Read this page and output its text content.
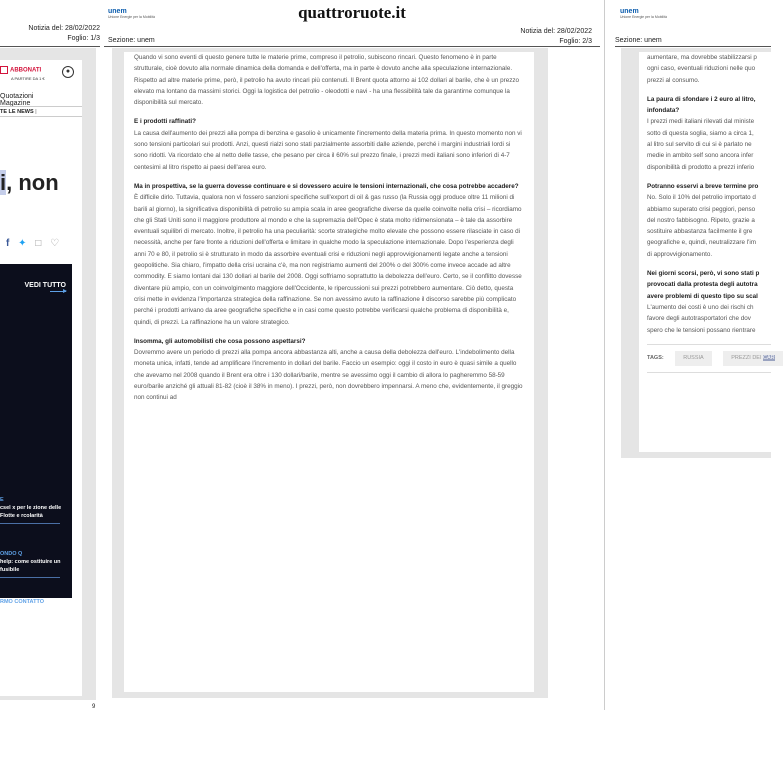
Notizia del: 28/02/2022
Foglio: 1/3
ABBONATI
A PARTIRE DA 1 €
●
Quotazioni Magazine
TE LE NEWS |
i, non
f ✦ □ ♡
VEDI TUTTO
E
csel x per le zione delle Flotte e rcolarità
ONDO Q
help: come ostituire un fusibile
RMO CONTATTO
uanto va forte e ome si guida HyperGT...
9
unem
Unione Energie per la Mobilità	quattroruote.it
Notizia del: 28/02/2022
Foglio: 2/3
Sezione: unem

Quando vi sono eventi di questo genere tutte le materie prime, compreso il petrolio, subiscono rincari. Questo fenomeno è in parte strutturale, cioè dovuto alla normale dinamica della domanda e dell'offerta, ma in parte è dovuto anche alla speculazione internazionale. Rispetto ad altre materie prime, però, il petrolio ha avuto rincari più contenuti. Il Brent quota attorno ai 102 dollari al barile, che è un prezzo elevato ma lontano da massimi storici. Oggi la logistica del petrolio - oleodotti e navi - ha una flessibilità tale da garantirne comunque la disponibilità sul mercato.

E i prodotti raffinati?

La causa dell'aumento dei prezzi alla pompa di benzina e gasolio è unicamente l'incremento della materia prima. In questo momento non vi sono tensioni particolari sui prodotti. Anzi, questi rialzi sono stati parzialmente assorbiti dalle aziende, perché i margini industriali lordi si sono ridotti. Va ricordato che al netto delle tasse, che pesano per circa il 60% sul prezzo finale, i prezzi medi italiani sono inferiori di 4-7 centesimi al litro rispetto ai paesi dell'area euro.

Ma in prospettiva, se la guerra dovesse continuare e si dovessero acuire le tensioni internazionali, che cosa potrebbe accadere?

È difficile dirlo. Tuttavia, qualora non vi fossero sanzioni specifiche sull'export di oil & gas russo (la Russia oggi produce oltre 11 milioni di barili al giorno), la significativa disponibilità di petrolio su ampia scala in aree geografiche diverse da quelle coinvolte nella crisi – ricordiamo che gli Stati Uniti sono il maggiore produttore al mondo e che la supremazia dell'Opec è stata molto ridimensionata – è tale da assorbire eventuali squilibri di mercato. Inoltre, il petrolio ha una peculiarità: scorte strategiche molto elevate che possono essere rilasciate in caso di necessità, anche per fare fronte a riduzioni dell'offerta e limitare in qualche modo la speculazione internazionale. Dopo l'esperienza degli anni 70 e 80, il petrolio si è strutturato in modo da assorbire eventuali crisi e riduzioni negli approvvigionamenti legate anche a tensioni geopolitiche. Sia chiaro, l'impatto della crisi ucraina c'è, ma non registriamo aumenti del 200% o del 300% come invece accade ad altre commodity. E siamo lontani dai 130 dollari al barile del 2008. Oggi soffriamo soprattutto la debolezza dell'euro. Certo, se il conflitto dovesse diventare più ampio, con un coinvolgimento maggiore dell'Occidente, le ripercussioni sui prezzi potrebbero aumentare. Ciò detto, questa crisi mette in evidenza l'importanza strategica della raffinazione. Se non avessimo avuto la raffinazione il discorso sarebbe più complicato perché i prodotti arrivano da aree geografiche specifiche e in casi come questo potrebbe verificarsi qualche problema di disponibilità e, quindi, di prezzi. La raffinazione ha un valore strategico.

Insomma, gli automobilisti che cosa possono aspettarsi?

Dovremmo avere un periodo di prezzi alla pompa ancora abbastanza alti, anche a causa della debolezza dell'euro. L'indebolimento della moneta unica, infatti, tende ad amplificare l'incremento in dollari del barile. Faccio un esempio: oggi il costo in euro è quasi simile a quello che avevamo nel 2008 quando il Brent era oltre i 130 dollari/barile, mentre se avessimo oggi il cambio di allora lo pagheremmo 58-59 euro/barile anziché gli attuali 81-82 (cioè il 38% in meno). I prezzi, però, non dovrebbero impennarsi. A meno che, evidentemente, il greggio non continui ad

unem
Unione Energie per la Mobilità
Sezione: unem

aumentare, ma dovrebbe stabilizzarsi p
ogni caso, eventuali riduzioni nelle quo
prezzi al consumo.

La paura di sfondare i 2 euro al litro,
infondata?

I prezzi medi italiani rilevati dal ministe
sotto di questa soglia, siamo a circa 1,
al litro sul servito di cui si è parlato ne
medie in ambito self sono ancora infer
disponibilità di prodotto a prezzi inferio

Potranno esservi a breve termine pro

No. Solo il 10% del petrolio importato d
abbiamo superato crisi peggiori, penso
del nostro fabbisogno. Ripeto, grazie a
sostituire abbastanza facilmente il gre
geografiche e, quindi, neutralizzare l'im
di approvvigionamento.

Nei giorni scorsi, però, vi sono stati p
provocati dalla protesta degli autotra
avere problemi di questo tipo su scal

L'aumento dei costi è uno dei rischi ch
favore degli autotrasportatori che dov
spero che le tensioni possano rientrare

TAGS:	RUSSIA	PREZZI DEI CAR
